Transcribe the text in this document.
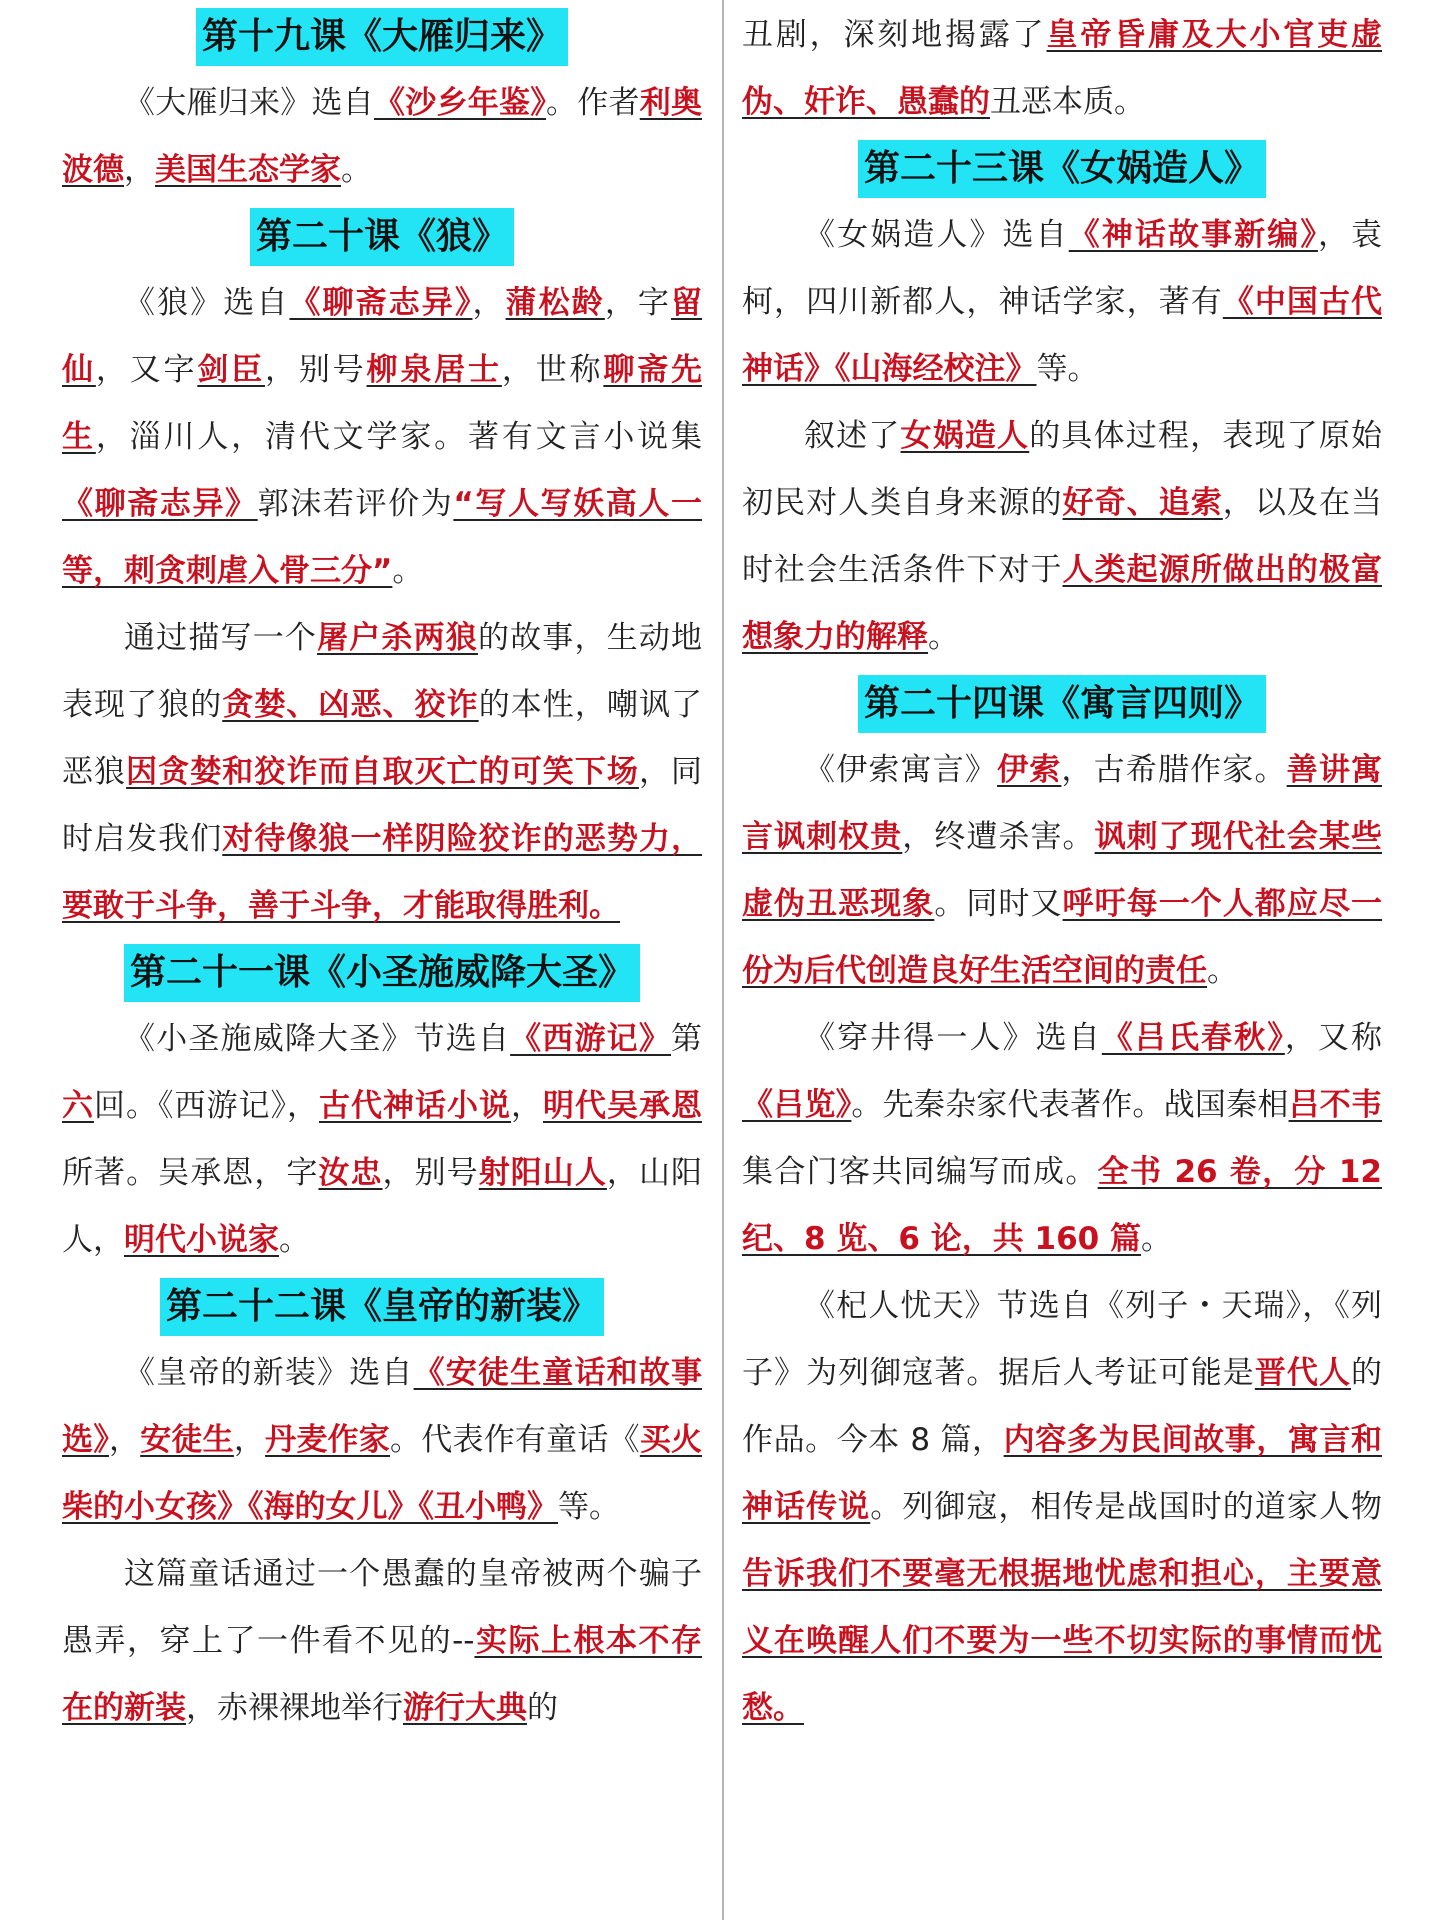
第十九课《大雁归来》

《大雁归来》选自《沙乡年鉴》。作者利奥波德，美国生态学家。

第二十课《狼》

《狼》选自《聊斋志异》，蒲松龄，字留仙，又字剑臣，别号柳泉居士，世称聊斋先生，淄川人，清代文学家。著有文言小说集《聊斋志异》郭沫若评价为“写人写妖高人一等，刺贪刺虐入骨三分”。

通过描写一个屠户杀两狼的故事，生动地表现了狼的贪婪、凶恶、狡诈的本性，嘲讽了恶狼因贪婪和狡诈而自取灭亡的可笑下场，同时启发我们对待像狼一样阴险狡诈的恶势力，要敢于斗争，善于斗争，才能取得胜利。

第二十一课《小圣施威降大圣》

《小圣施威降大圣》节选自《西游记》第六回。《西游记》，古代神话小说，明代吴承恩所著。吴承恩，字汝忠，别号射阳山人，山阳人，明代小说家。

第二十二课《皇帝的新装》

《皇帝的新装》选自《安徒生童话和故事选》，安徒生，丹麦作家。代表作有童话《买火柴的小女孩》《海的女儿》《丑小鸭》等。

这篇童话通过一个愚蠢的皇帝被两个骗子愚弄，穿上了一件看不见的--实际上根本不存在的新装，赤裸裸地举行游行大典的

丑剧，深刻地揭露了皇帝昏庸及大小官吏虚伪、奸诈、愚蠢的丑恶本质。

第二十三课《女娲造人》

《女娲造人》选自《神话故事新编》，袁柯，四川新都人，神话学家，著有《中国古代神话》《山海经校注》等。

叙述了女娲造人的具体过程，表现了原始初民对人类自身来源的好奇、追索，以及在当时社会生活条件下对于人类起源所做出的极富想象力的解释。

第二十四课《寓言四则》

《伊索寓言》伊索，古希腊作家。善讲寓言讽刺权贵，终遭杀害。讽刺了现代社会某些虚伪丑恶现象。同时又呼吁每一个人都应尽一份为后代创造良好生活空间的责任。

《穿井得一人》选自《吕氏春秋》，又称《吕览》。先秦杂家代表著作。战国秦相吕不韦集合门客共同编写而成。全书 26 卷，分 12 纪、8 览、6 论，共 160 篇。

《杞人忧天》节选自《列子・天瑞》，《列子》为列御寇著。据后人考证可能是晋代人的作品。今本 8 篇，内容多为民间故事，寓言和神话传说。列御寇，相传是战国时的道家人物告诉我们不要毫无根据地忧虑和担心，主要意义在唤醒人们不要为一些不切实际的事情而忧愁。
